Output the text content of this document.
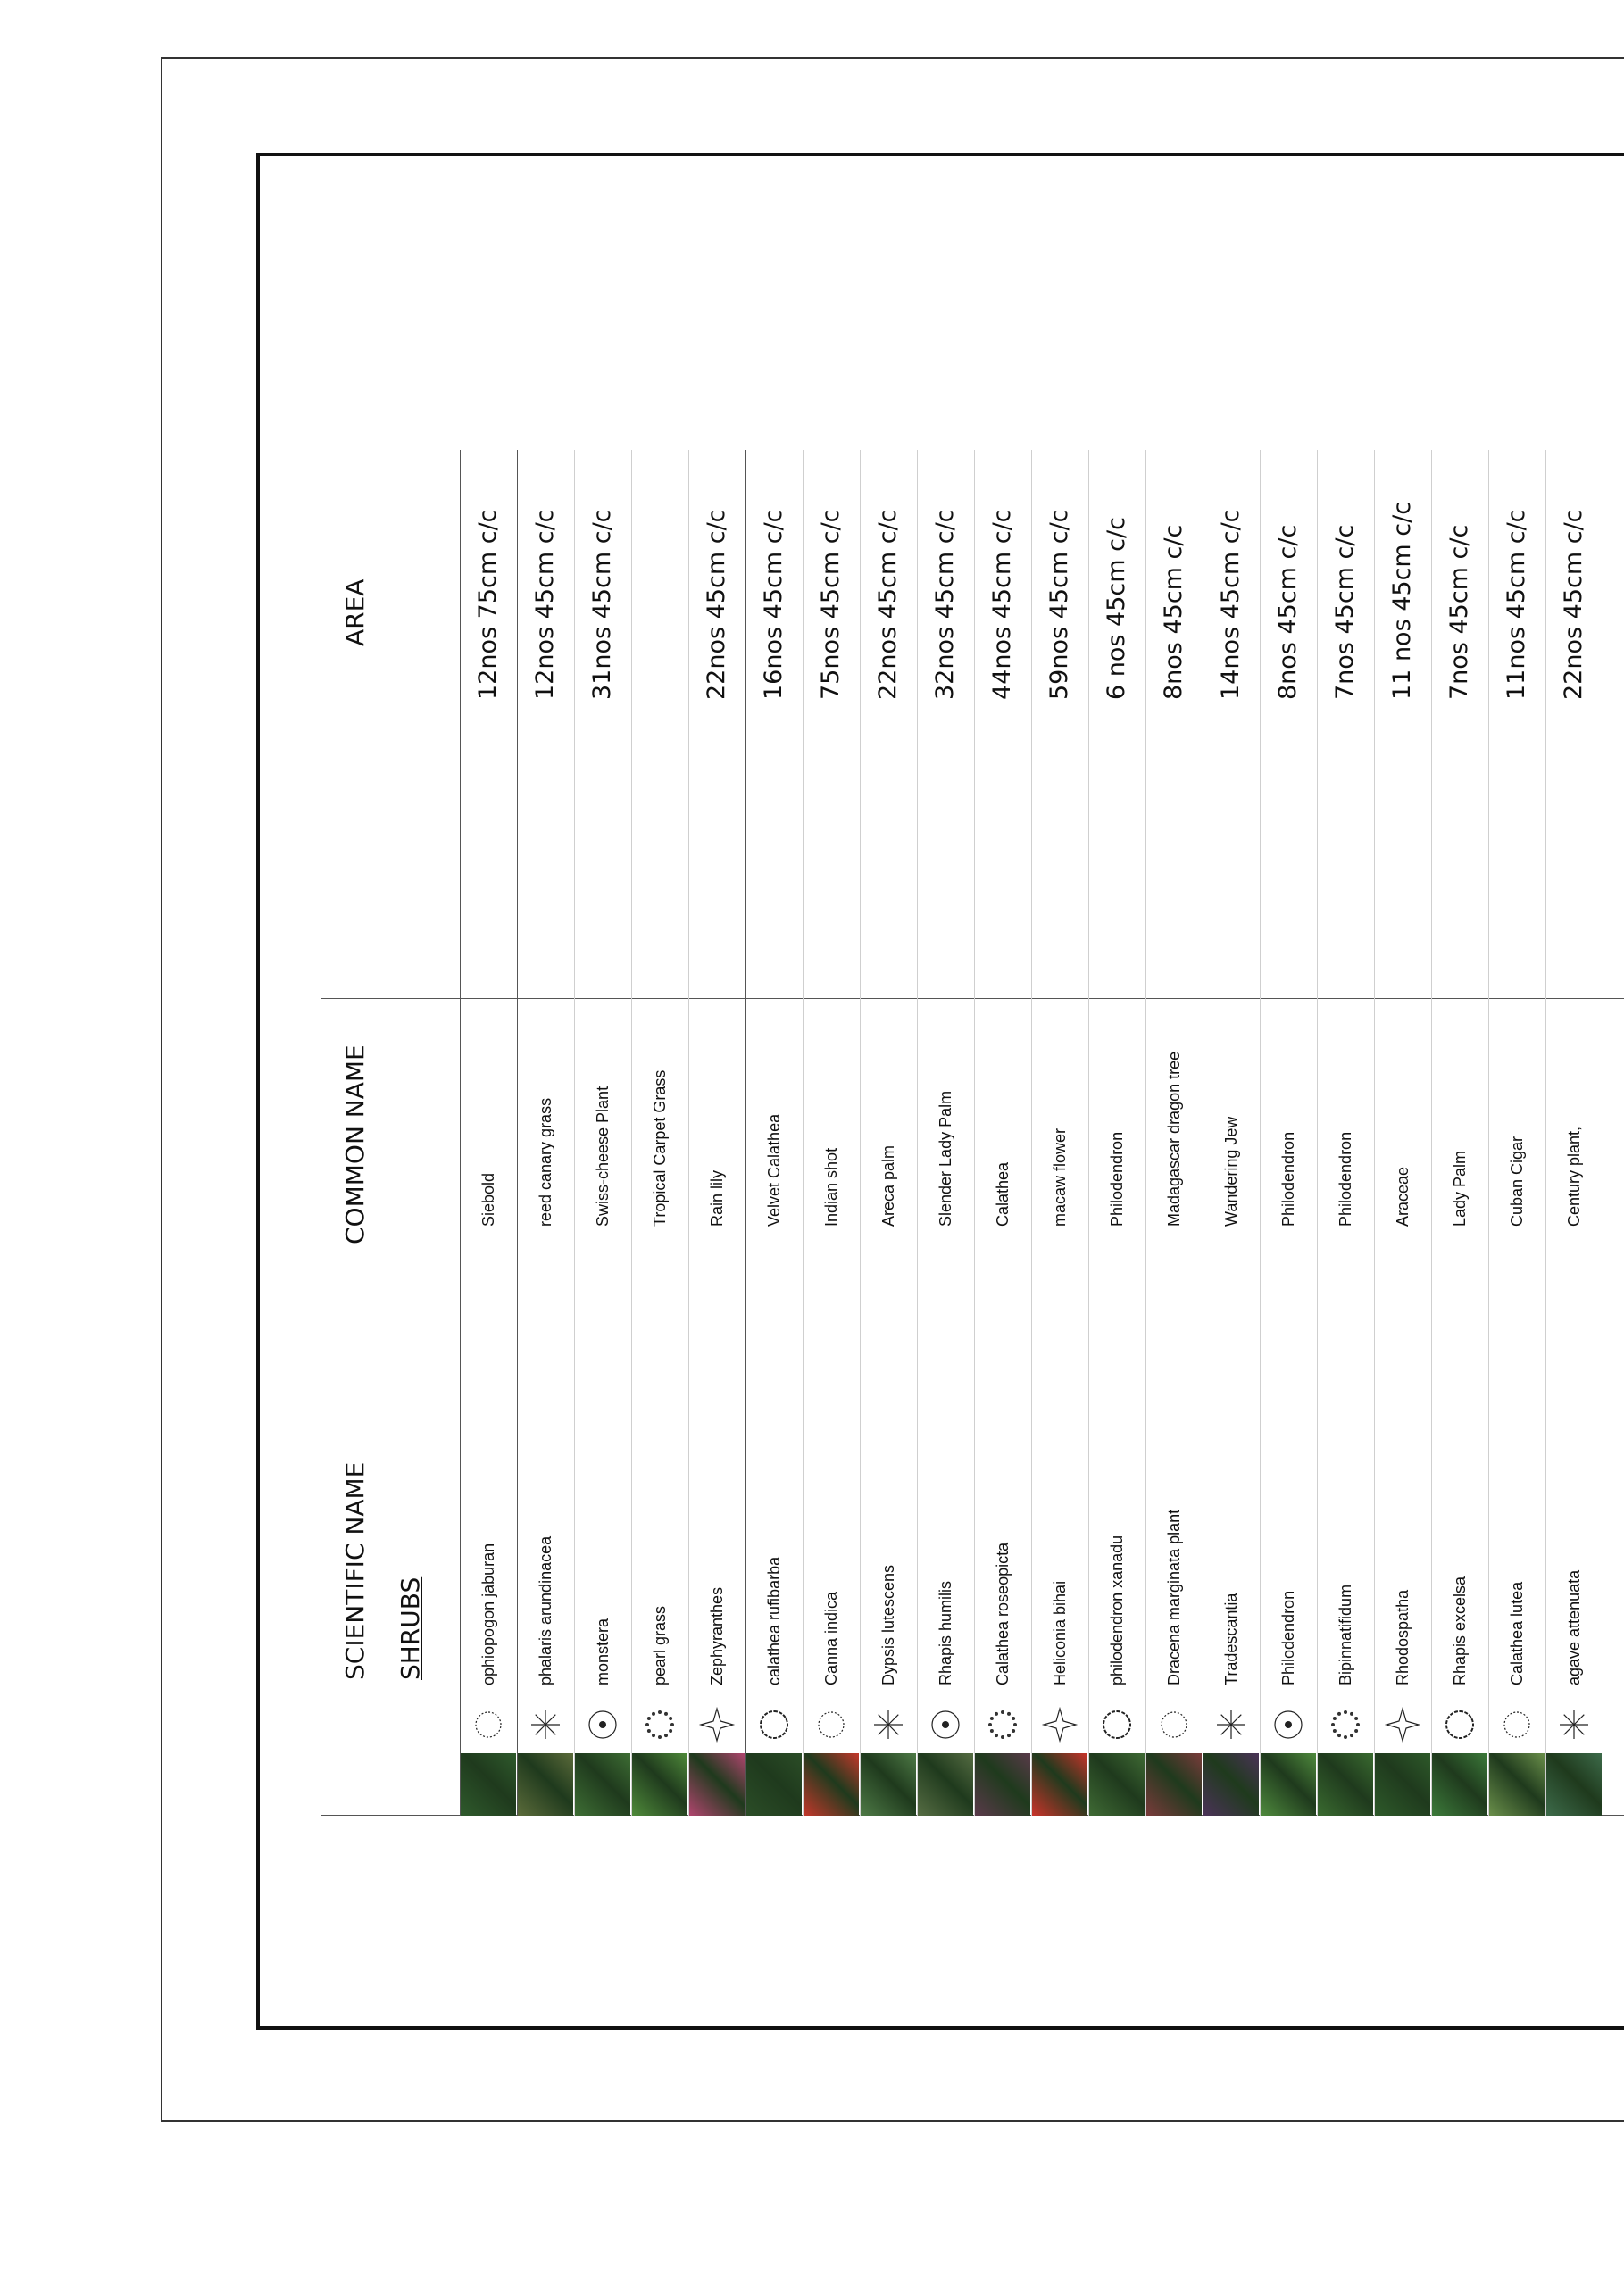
SCIENTIFIC NAME
COMMON NAME
AREA
SHRUBS	ophiopogon jaburan
Siebold
12nos 75cm c/c
phalaris arundinacea
reed canary grass
12nos 45cm c/c
monstera
Swiss-cheese Plant
31nos 45cm c/c
pearl grass
Tropical Carpet Grass
Zephyranthes
Rain lily
22nos 45cm c/c
calathea rufibarba
Velvet Calathea
16nos 45cm c/c
Canna indica
Indian shot
75nos 45cm c/c
Dypsis lutescens
Areca palm
22nos 45cm c/c
Rhapis humilis
Slender Lady Palm
32nos 45cm c/c
Calathea roseopicta
Calathea
44nos 45cm c/c
Heliconia bihai
macaw flower
59nos 45cm c/c
philodendron xanadu
Philodendron
6 nos 45cm c/c
Dracena marginata plant
Madagascar dragon tree
8nos 45cm c/c
Tradescantia
Wandering Jew
14nos 45cm c/c
Philodendron
Philodendron
8nos 45cm c/c
Bipinnatifidum
Philodendron
7nos 45cm c/c
Rhodospatha
Araceae
11 nos 45cm c/c
Rhapis excelsa
Lady Palm
7nos 45cm c/c
Calathea lutea
Cuban Cigar
11nos 45cm c/c
agave attenuata
Century plant,
22nos 45cm c/c
